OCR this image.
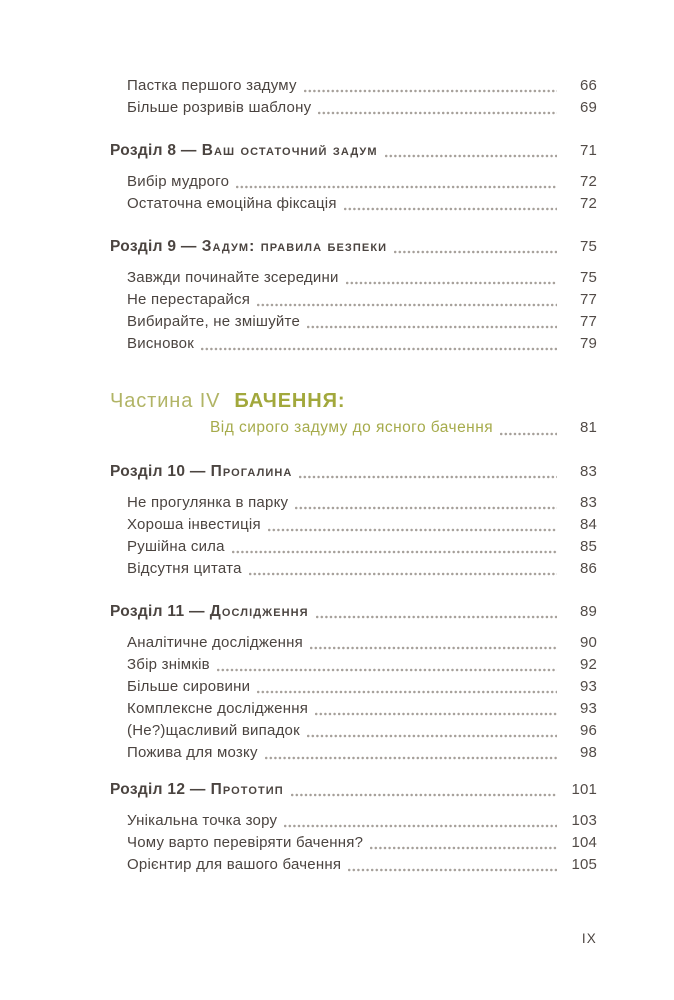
Пастка першого задуму	66
Більше розривів шаблону	69
Розділ 8 — Ваш остаточний задум	71
Вибір мудрого	72
Остаточна емоційна фіксація	72
Розділ 9 — Задум: правила безпеки	75
Завжди починайте зсередини	75
Не перестарайся	77
Вибирайте, не змішуйте	77
Висновок	79
Частина IV БАЧЕННЯ:
Від сирого задуму до ясного бачення	81
Розділ 10 — Прогалина	83
Не прогулянка в парку	83
Хороша інвестиція	84
Рушійна сила	85
Відсутня цитата	86
Розділ 11 — Дослідження	89
Аналітичне дослідження	90
Збір знімків	92
Більше сировини	93
Комплексне дослідження	93
(Не?)щасливий випадок	96
Пожива для мозку	98
Розділ 12 — Прототип	101
Унікальна точка зору	103
Чому варто перевіряти бачення?	104
Орієнтир для вашого бачення	105
IX
